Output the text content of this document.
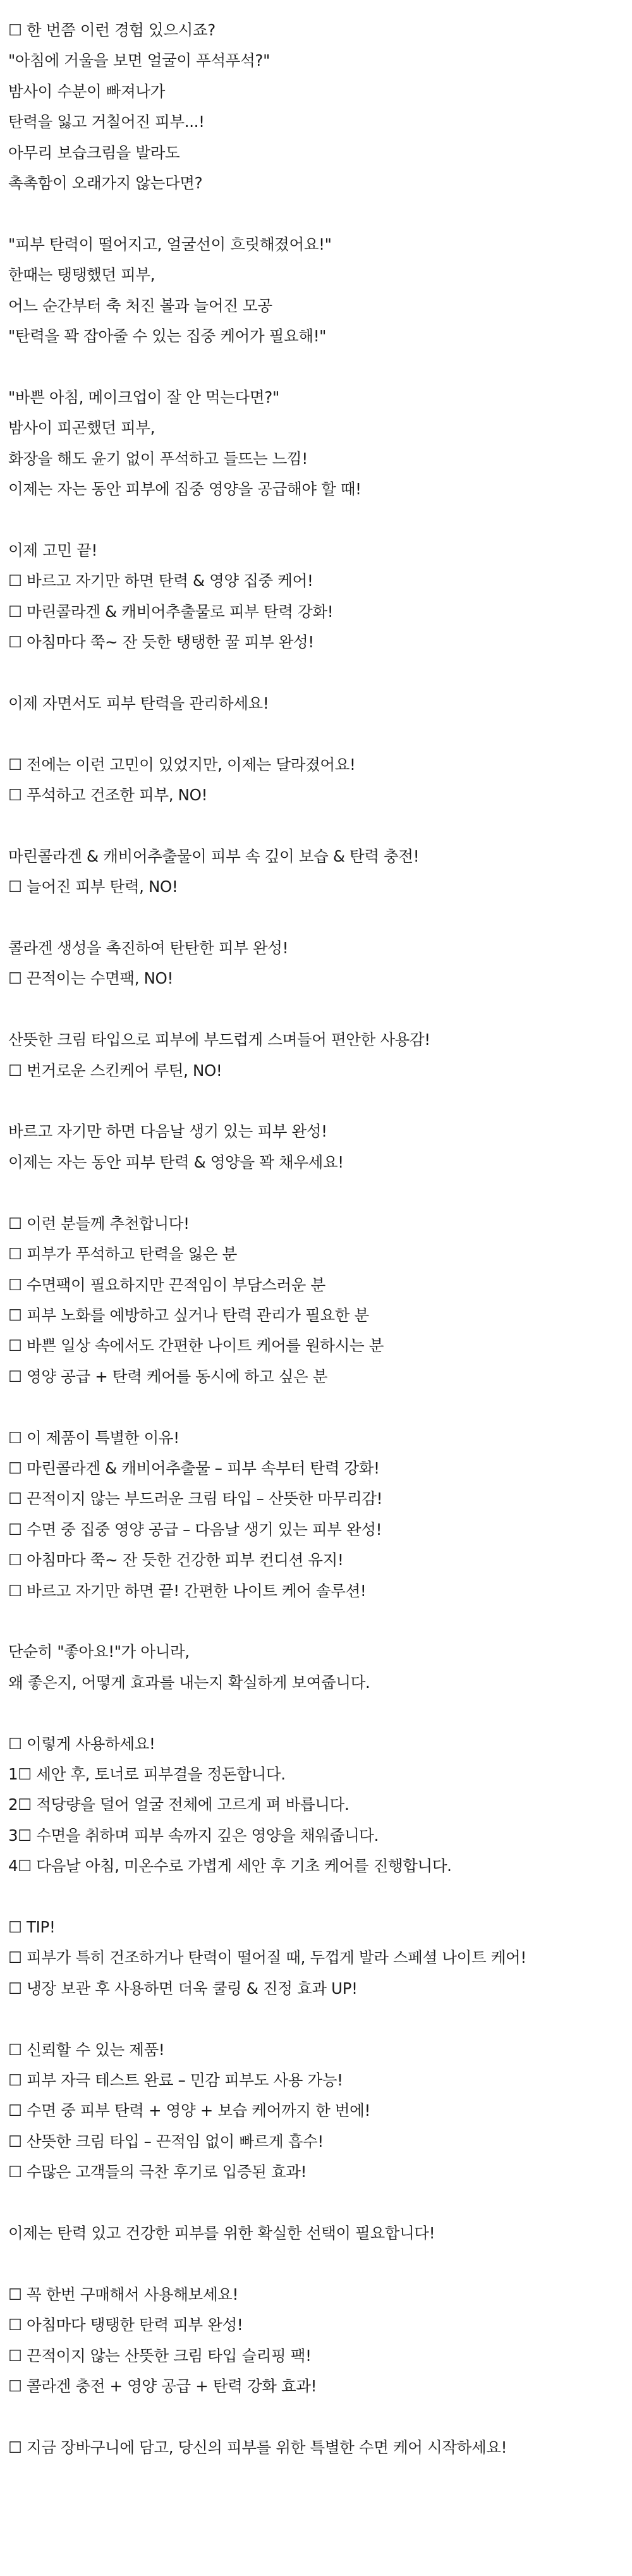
☐ 한 번쯤 이런 경험 있으시죠?
"아침에 거울을 보면 얼굴이 푸석푸석?"
밤사이 수분이 빠져나가
탄력을 잃고 거칠어진 피부...!
아무리 보습크림을 발라도
촉촉함이 오래가지 않는다면?
"피부 탄력이 떨어지고, 얼굴선이 흐릿해졌어요!"
한때는 탱탱했던 피부,
어느 순간부터 축 처진 볼과 늘어진 모공
"탄력을 꽉 잡아줄 수 있는 집중 케어가 필요해!"
"바쁜 아침, 메이크업이 잘 안 먹는다면?"
밤사이 피곤했던 피부,
화장을 해도 윤기 없이 푸석하고 들뜨는 느낌!
이제는 자는 동안 피부에 집중 영양을 공급해야 할 때!
이제 고민 끝!
☐ 바르고 자기만 하면 탄력 & 영양 집중 케어!
☐ 마린콜라겐 & 캐비어추출물로 피부 탄력 강화!
☐ 아침마다 쭉~ 잔 듯한 탱탱한 꿀 피부 완성!
이제 자면서도 피부 탄력을 관리하세요!
☐ 전에는 이런 고민이 있었지만, 이제는 달라졌어요!
☐ 푸석하고 건조한 피부, NO!
마린콜라겐 & 캐비어추출물이 피부 속 깊이 보습 & 탄력 충전!
☐ 늘어진 피부 탄력, NO!
콜라겐 생성을 촉진하여 탄탄한 피부 완성!
☐ 끈적이는 수면팩, NO!
산뜻한 크림 타입으로 피부에 부드럽게 스며들어 편안한 사용감!
☐ 번거로운 스킨케어 루틴, NO!
바르고 자기만 하면 다음날 생기 있는 피부 완성!
이제는 자는 동안 피부 탄력 & 영양을 꽉 채우세요!
☐ 이런 분들께 추천합니다!
☐ 피부가 푸석하고 탄력을 잃은 분
☐ 수면팩이 필요하지만 끈적임이 부담스러운 분
☐ 피부 노화를 예방하고 싶거나 탄력 관리가 필요한 분
☐ 바쁜 일상 속에서도 간편한 나이트 케어를 원하시는 분
☐ 영양 공급 + 탄력 케어를 동시에 하고 싶은 분
☐ 이 제품이 특별한 이유!
☐ 마린콜라겐 & 캐비어추출물 – 피부 속부터 탄력 강화!
☐ 끈적이지 않는 부드러운 크림 타입 – 산뜻한 마무리감!
☐ 수면 중 집중 영양 공급 – 다음날 생기 있는 피부 완성!
☐ 아침마다 쭉~ 잔 듯한 건강한 피부 컨디션 유지!
☐ 바르고 자기만 하면 끝! 간편한 나이트 케어 솔루션!
단순히 "좋아요!"가 아니라,
왜 좋은지, 어떻게 효과를 내는지 확실하게 보여줍니다.
☐ 이렇게 사용하세요!
1☐ 세안 후, 토너로 피부결을 정돈합니다.
2☐ 적당량을 덜어 얼굴 전체에 고르게 펴 바릅니다.
3☐ 수면을 취하며 피부 속까지 깊은 영양을 채워줍니다.
4☐ 다음날 아침, 미온수로 가볍게 세안 후 기초 케어를 진행합니다.
☐ TIP!
☐ 피부가 특히 건조하거나 탄력이 떨어질 때, 두껍게 발라 스페셜 나이트 케어!
☐ 냉장 보관 후 사용하면 더욱 쿨링 & 진정 효과 UP!
☐ 신뢰할 수 있는 제품!
☐ 피부 자극 테스트 완료 – 민감 피부도 사용 가능!
☐ 수면 중 피부 탄력 + 영양 + 보습 케어까지 한 번에!
☐ 산뜻한 크림 타입 – 끈적임 없이 빠르게 흡수!
☐ 수많은 고객들의 극찬 후기로 입증된 효과!
이제는 탄력 있고 건강한 피부를 위한 확실한 선택이 필요합니다!
☐ 꼭 한번 구매해서 사용해보세요!
☐ 아침마다 탱탱한 탄력 피부 완성!
☐ 끈적이지 않는 산뜻한 크림 타입 슬리핑 팩!
☐ 콜라겐 충전 + 영양 공급 + 탄력 강화 효과!
☐ 지금 장바구니에 담고, 당신의 피부를 위한 특별한 수면 케어 시작하세요!
